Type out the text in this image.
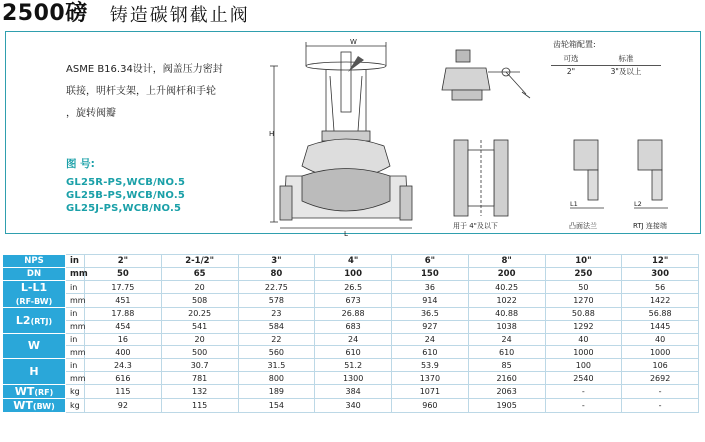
2500磅 铸造碳钢截止阀
ASME B16.34设计，阀盖压力密封
联接，明杆支架，上升阀杆和手轮
，旋转阀瓣
图 号:
GL25R-PS,WCB/NO.5
GL25B-PS,WCB/NO.5
GL25J-PS,WCB/NO.5
W
H
L
齿轮箱配置:
可选	标准
2"	3"及以上
用于 4"及以下
L1
凸面法兰
L2
RTJ 连接端
NPS	in	2"	2-1/2"	3"	4"	6"	8"	10"	12"
DN	mm	50	65	80	100	150	200	250	300
L-L1
(RF-BW)	in	17.75	20	22.75	26.5	36	40.25	50	56
	mm	451	508	578	673	914	1022	1270	1422
L2(RTJ)	in	17.88	20.25	23	26.88	36.5	40.88	50.88	56.88
	mm	454	541	584	683	927	1038	1292	1445
W	in	16	20	22	24	24	24	40	40
	mm	400	500	560	610	610	610	1000	1000
H	in	24.3	30.7	31.5	51.2	53.9	85	100	106
	mm	616	781	800	1300	1370	2160	2540	2692
WT(RF)	kg	115	132	189	384	1071	2063	-	-
WT(BW)	kg	92	115	154	340	960	1905	-	-
